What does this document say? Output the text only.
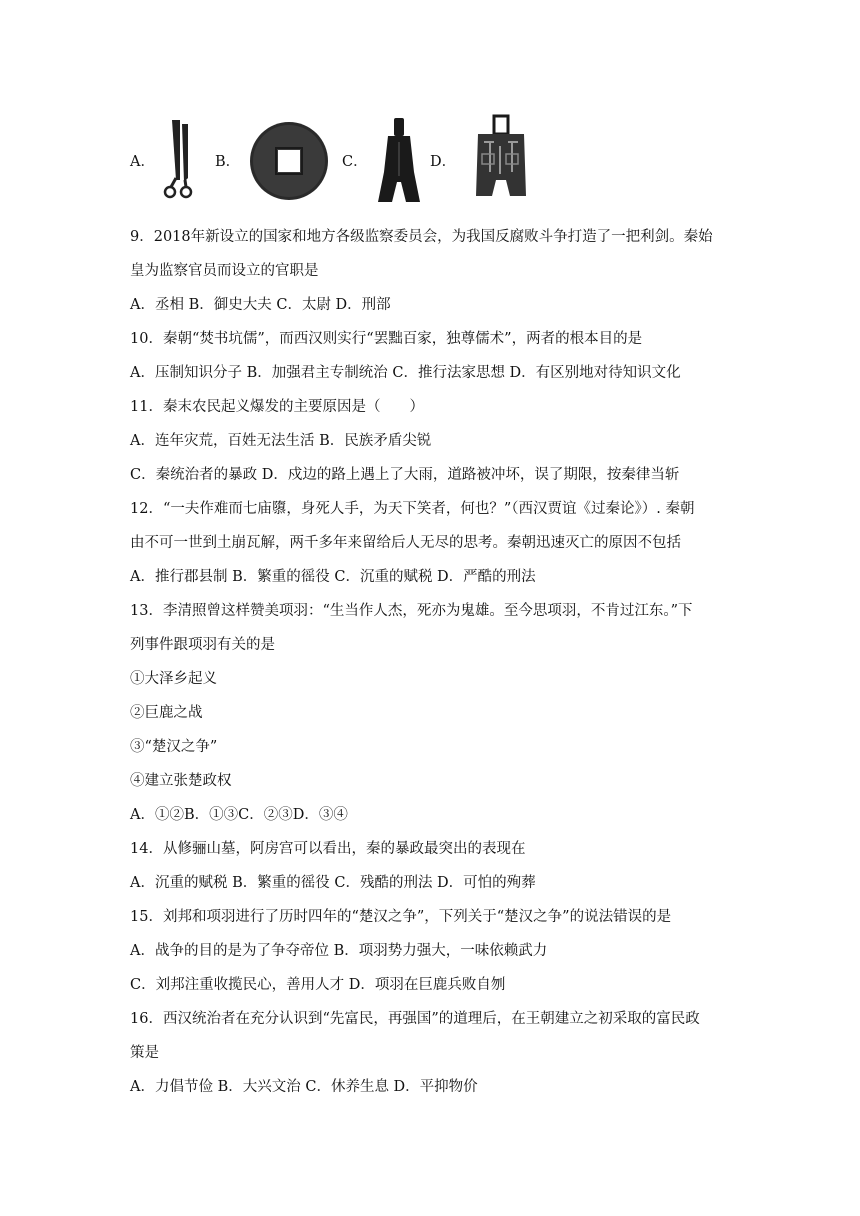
A．	B．	C．	D．
9．2018年新设立的国家和地方各级监察委员会，为我国反腐败斗争打造了一把利剑。秦始
皇为监察官员而设立的官职是
A．丞相 B．御史大夫 C．太尉 D．刑部
10．秦朝“焚书坑儒”，而西汉则实行“罢黜百家，独尊儒术”，两者的根本目的是
A．压制知识分子 B．加强君主专制统治 C．推行法家思想 D．有区别地对待知识文化
11．秦末农民起义爆发的主要原因是（　　）
A．连年灾荒，百姓无法生活 B．民族矛盾尖锐
C．秦统治者的暴政 D．戍边的路上遇上了大雨，道路被冲坏，误了期限，按秦律当斩
12．“一夫作难而七庙隳，身死人手，为天下笑者，何也？”（西汉贾谊《过秦论》）. 秦朝
由不可一世到土崩瓦解，两千多年来留给后人无尽的思考。秦朝迅速灭亡的原因不包括
A．推行郡县制 B．繁重的徭役 C．沉重的赋税 D．严酷的刑法
13．李清照曾这样赞美项羽：“生当作人杰，死亦为鬼雄。至今思项羽，不肯过江东。”下
列事件跟项羽有关的是
①大泽乡起义
②巨鹿之战
③“楚汉之争”
④建立张楚政权
A．①②B．①③C．②③D．③④
14．从修骊山墓，阿房宫可以看出，秦的暴政最突出的表现在
A．沉重的赋税 B．繁重的徭役 C．残酷的刑法 D．可怕的殉葬
15．刘邦和项羽进行了历时四年的“楚汉之争”，下列关于“楚汉之争”的说法错误的是
A．战争的目的是为了争夺帝位 B．项羽势力强大，一味依赖武力
C．刘邦注重收揽民心，善用人才 D．项羽在巨鹿兵败自刎
16．西汉统治者在充分认识到“先富民，再强国”的道理后，在王朝建立之初采取的富民政
策是
A．力倡节俭 B．大兴文治 C．休养生息 D．平抑物价
